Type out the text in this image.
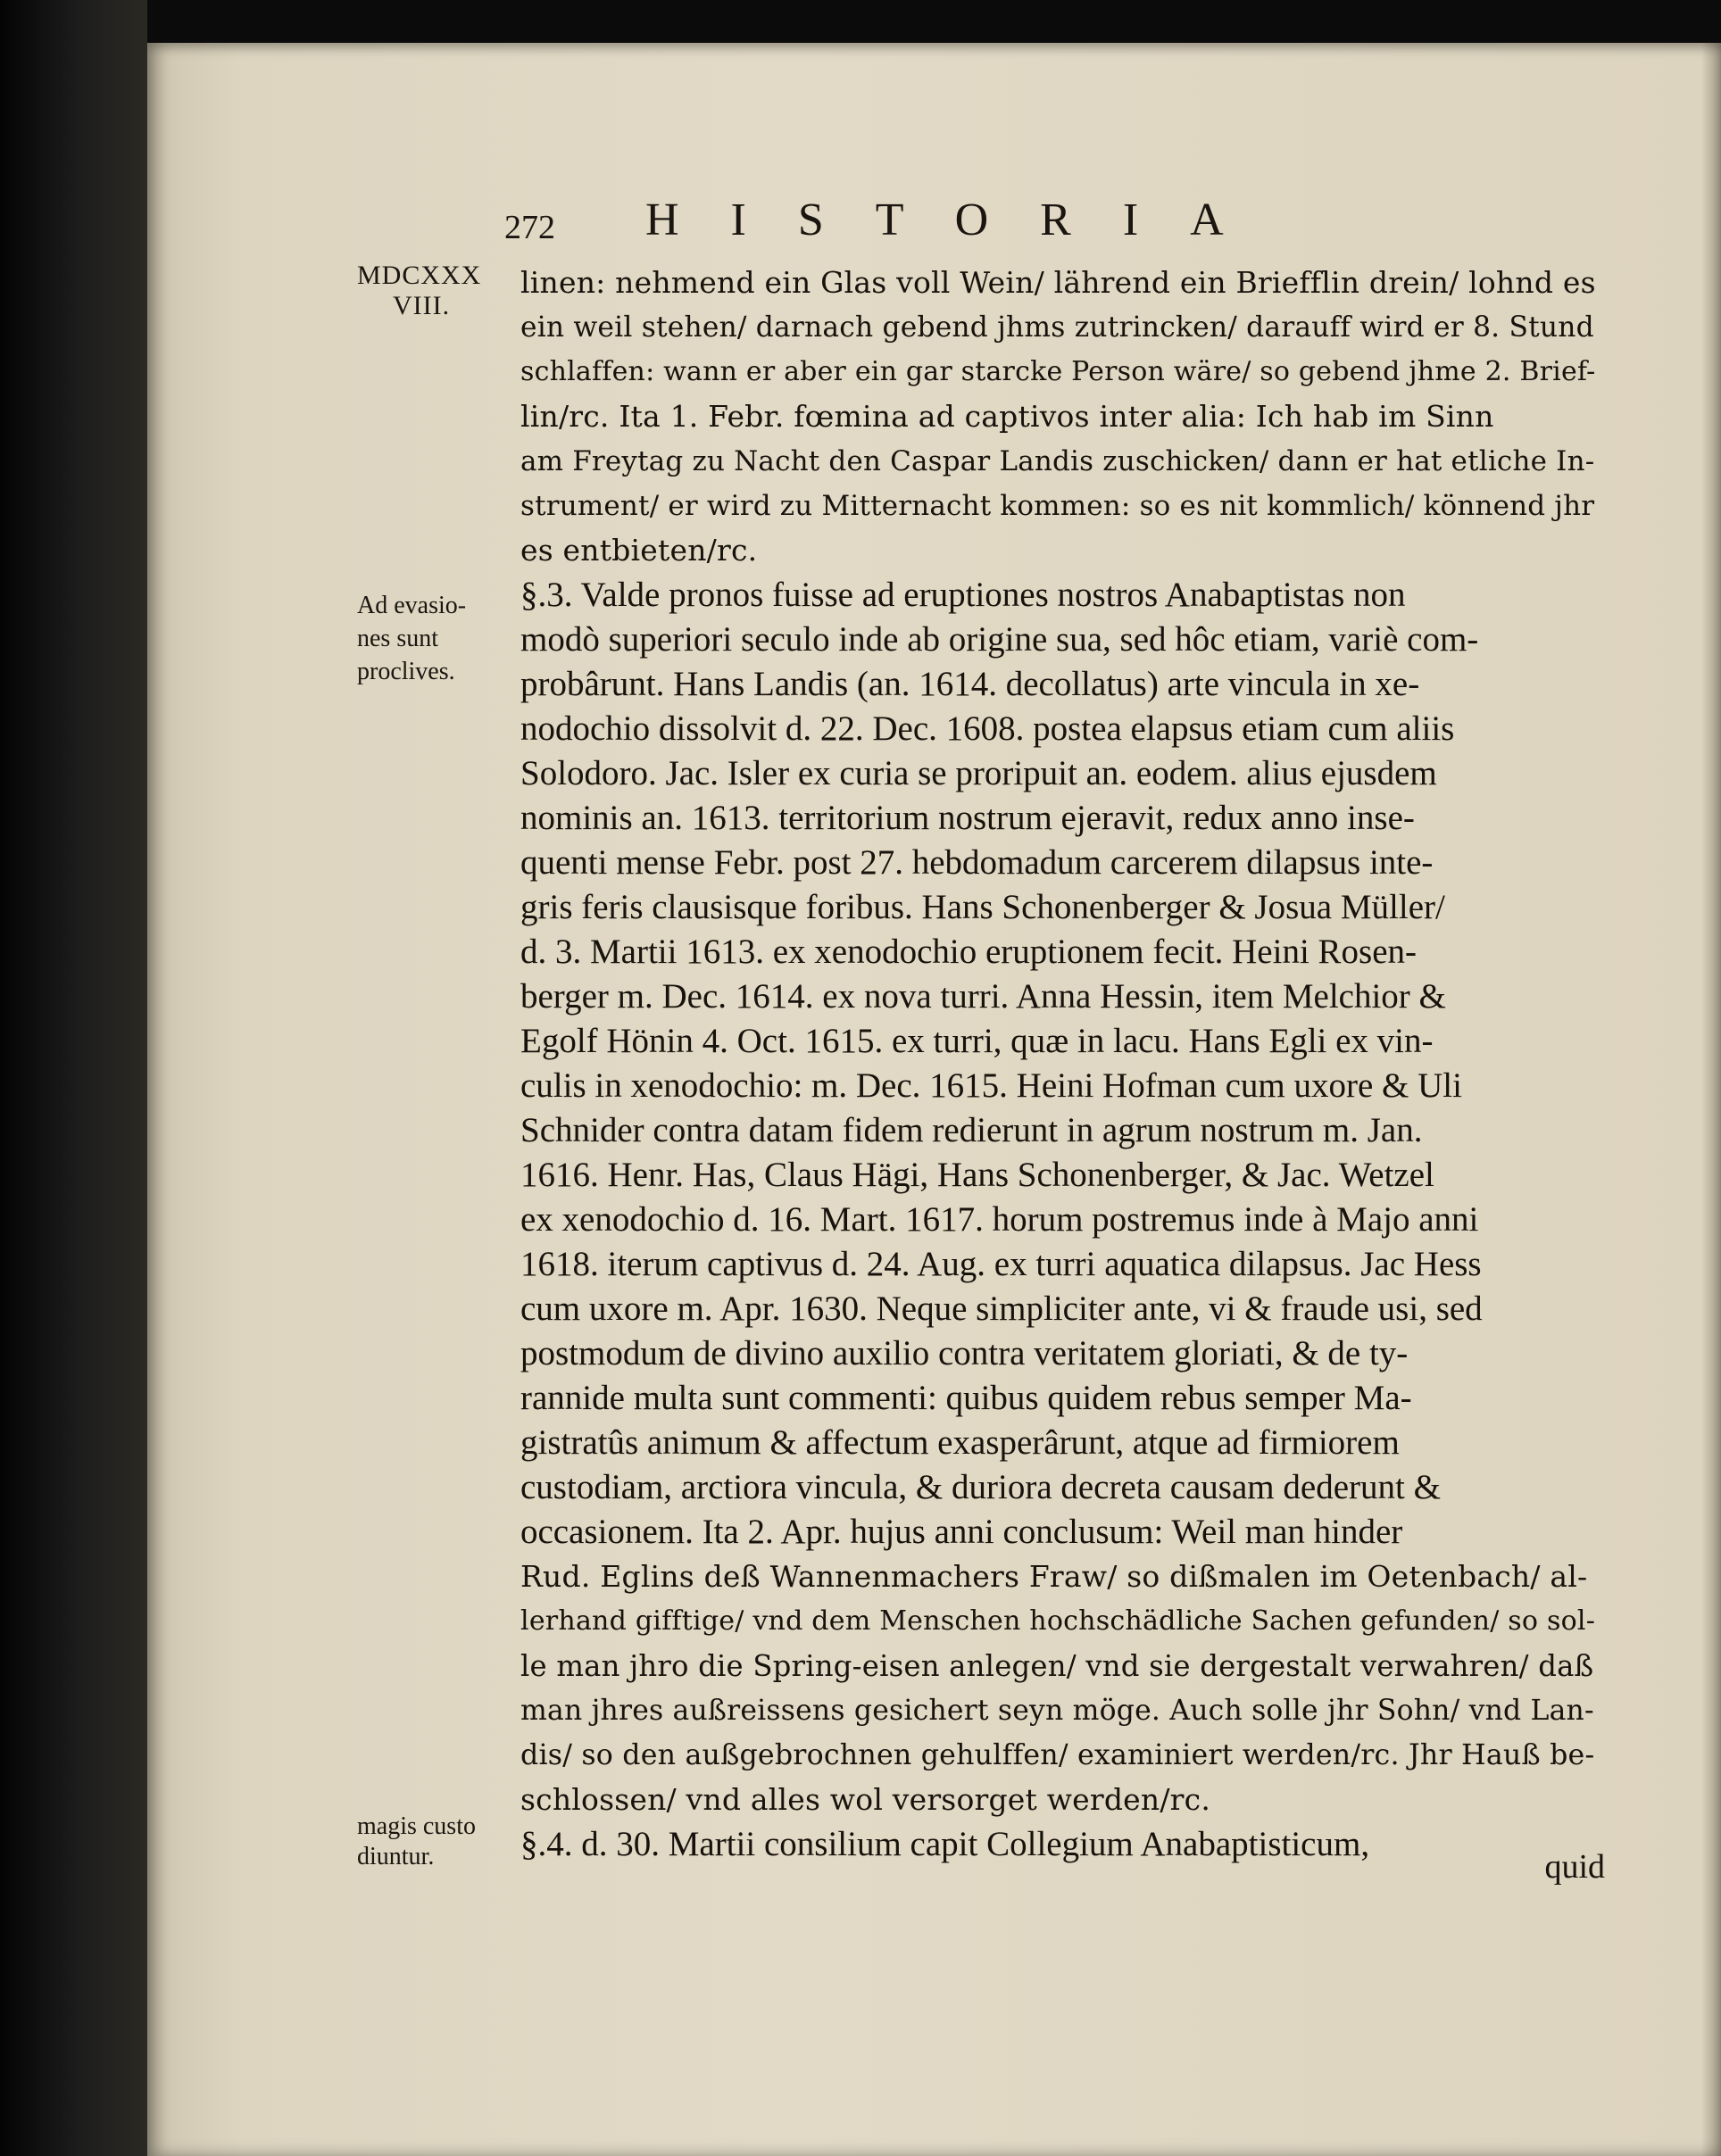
272 HISTORIA
MDCXXX
VIII.
Ad evasio-
nes sunt
proclives.
magis custo
diuntur.
linen: nehmend ein Glas voll Wein/ lährend ein Briefflin drein/ lohnd es
ein weil stehen/ darnach gebend jhms zutrincken/ darauff wird er 8. Stund
schlaffen: wann er aber ein gar starcke Person wäre/ so gebend jhme 2. Brief-
lin/rc. Ita 1. Febr. fœmina ad captivos inter alia: Ich hab im Sinn
am Freytag zu Nacht den Caspar Landis zuschicken/ dann er hat etliche In-
strument/ er wird zu Mitternacht kommen: so es nit kommlich/ könnend jhr
es entbieten/rc.
§.3. Valde pronos fuisse ad eruptiones nostros Anabaptistas non
modò superiori seculo inde ab origine sua, sed hôc etiam, variè com-
probârunt. Hans Landis (an. 1614. decollatus) arte vincula in xe-
nodochio dissolvit d. 22. Dec. 1608. postea elapsus etiam cum aliis
Solodoro. Jac. Isler ex curia se proripuit an. eodem. alius ejusdem
nominis an. 1613. territorium nostrum ejeravit, redux anno inse-
quenti mense Febr. post 27. hebdomadum carcerem dilapsus inte-
gris feris clausisque foribus. Hans Schonenberger & Josua Müller/
d. 3. Martii 1613. ex xenodochio eruptionem fecit. Heini Rosen-
berger m. Dec. 1614. ex nova turri. Anna Hessin, item Melchior &
Egolf Hönin 4. Oct. 1615. ex turri, quæ in lacu. Hans Egli ex vin-
culis in xenodochio: m. Dec. 1615. Heini Hofman cum uxore & Uli
Schnider contra datam fidem redierunt in agrum nostrum m. Jan.
1616. Henr. Has, Claus Hägi, Hans Schonenberger, & Jac. Wetzel
ex xenodochio d. 16. Mart. 1617. horum postremus inde à Majo anni
1618. iterum captivus d. 24. Aug. ex turri aquatica dilapsus. Jac Hess
cum uxore m. Apr. 1630. Neque simpliciter ante, vi & fraude usi, sed
postmodum de divino auxilio contra veritatem gloriati, & de ty-
rannide multa sunt commenti: quibus quidem rebus semper Ma-
gistratûs animum & affectum exasperârunt, atque ad firmiorem
custodiam, arctiora vincula, & duriora decreta causam dederunt &
occasionem. Ita 2. Apr. hujus anni conclusum: Weil man hinder
Rud. Eglins deß Wannenmachers Fraw/ so dißmalen im Oetenbach/ al-
lerhand gifftige/ vnd dem Menschen hochschädliche Sachen gefunden/ so sol-
le man jhro die Spring-eisen anlegen/ vnd sie dergestalt verwahren/ daß
man jhres außreissens gesichert seyn möge. Auch solle jhr Sohn/ vnd Lan-
dis/ so den außgebrochnen gehulffen/ examiniert werden/rc. Jhr Hauß be-
schlossen/ vnd alles wol versorget werden/rc.
§.4. d. 30. Martii consilium capit Collegium Anabaptisticum,
quid
